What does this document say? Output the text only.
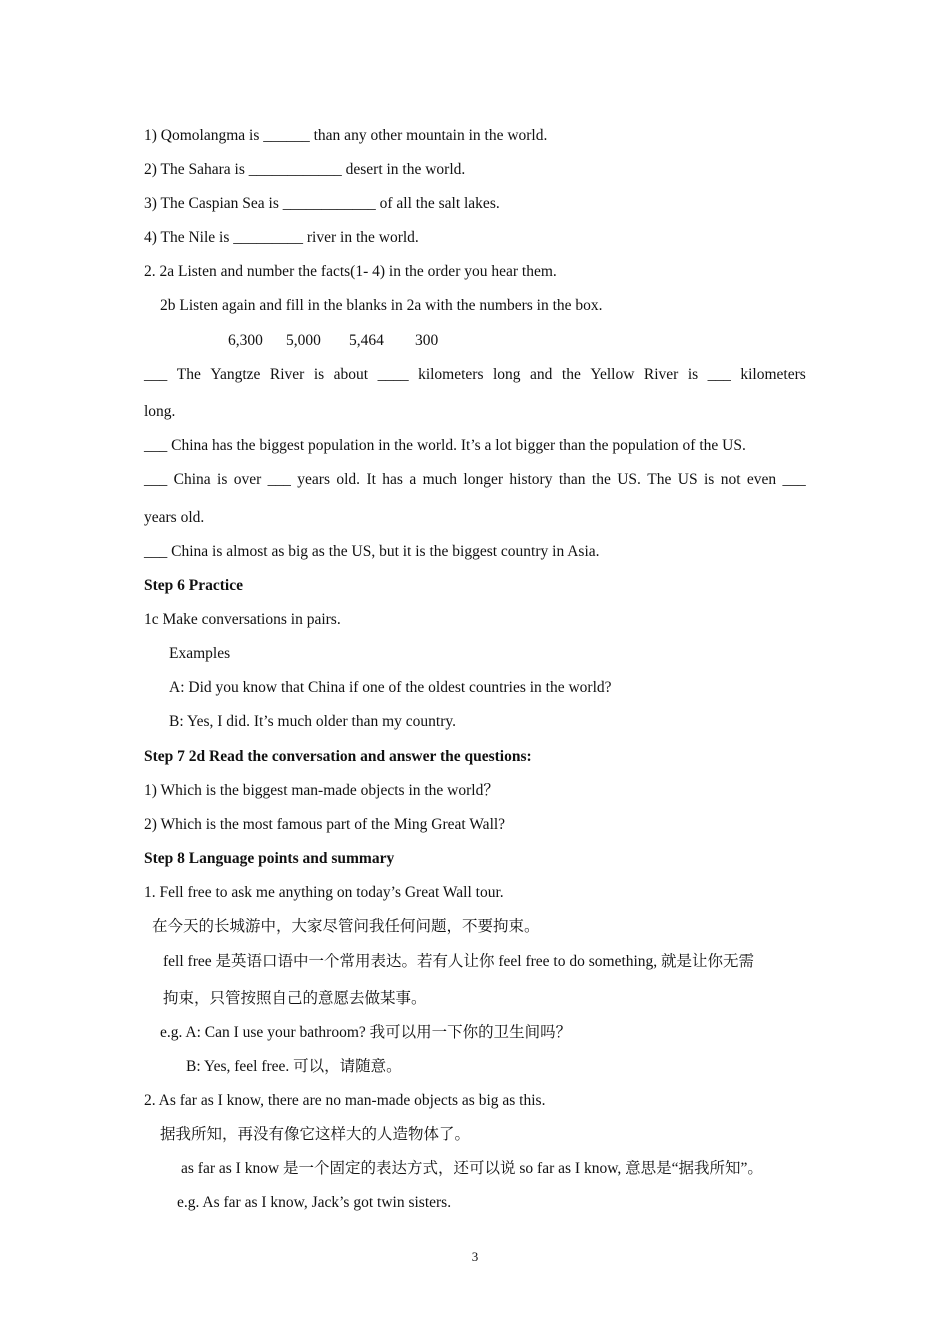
1) Qomolangma is ______ than any other mountain in the world.
2) The Sahara is ____________ desert in the world.
3) The Caspian Sea is ____________ of all the salt lakes.
4) The Nile is _________ river in the world.
2. 2a Listen and number the facts(1- 4) in the order you hear them.
2b Listen again and fill in the blanks in 2a with the numbers in the box.
6,300 5,000 5,464 300
___ The Yangtze River is about ____ kilometers long and the Yellow River is ___ kilometers
long.
___ China has the biggest population in the world. It’s a lot bigger than the population of the US.
___ China is over ___ years old. It has a much longer history than the US. The US is not even ___
years old.
___ China is almost as big as the US, but it is the biggest country in Asia.
Step 6 Practice
1c Make conversations in pairs.
Examples
A: Did you know that China if one of the oldest countries in the world?
B: Yes, I did. It’s much older than my country.
Step 7 2d Read the conversation and answer the questions:
1) Which is the biggest man-made objects in the world？
2) Which is the most famous part of the Ming Great Wall?
Step 8 Language points and summary
1. Fell free to ask me anything on today’s Great Wall tour.
在今天的长城游中，大家尽管问我任何问题，不要拘束。
fell free 是英语口语中一个常用表达。若有人让你 feel free to do something, 就是让你无需
拘束，只管按照自己的意愿去做某事。
e.g. A: Can I use your bathroom? 我可以用一下你的卫生间吗？
B: Yes, feel free. 可以，请随意。
2. As far as I know, there are no man-made objects as big as this.
据我所知，再没有像它这样大的人造物体了。
as far as I know 是一个固定的表达方式，还可以说 so far as I know, 意思是“据我所知”。
e.g. As far as I know, Jack’s got twin sisters.
3
